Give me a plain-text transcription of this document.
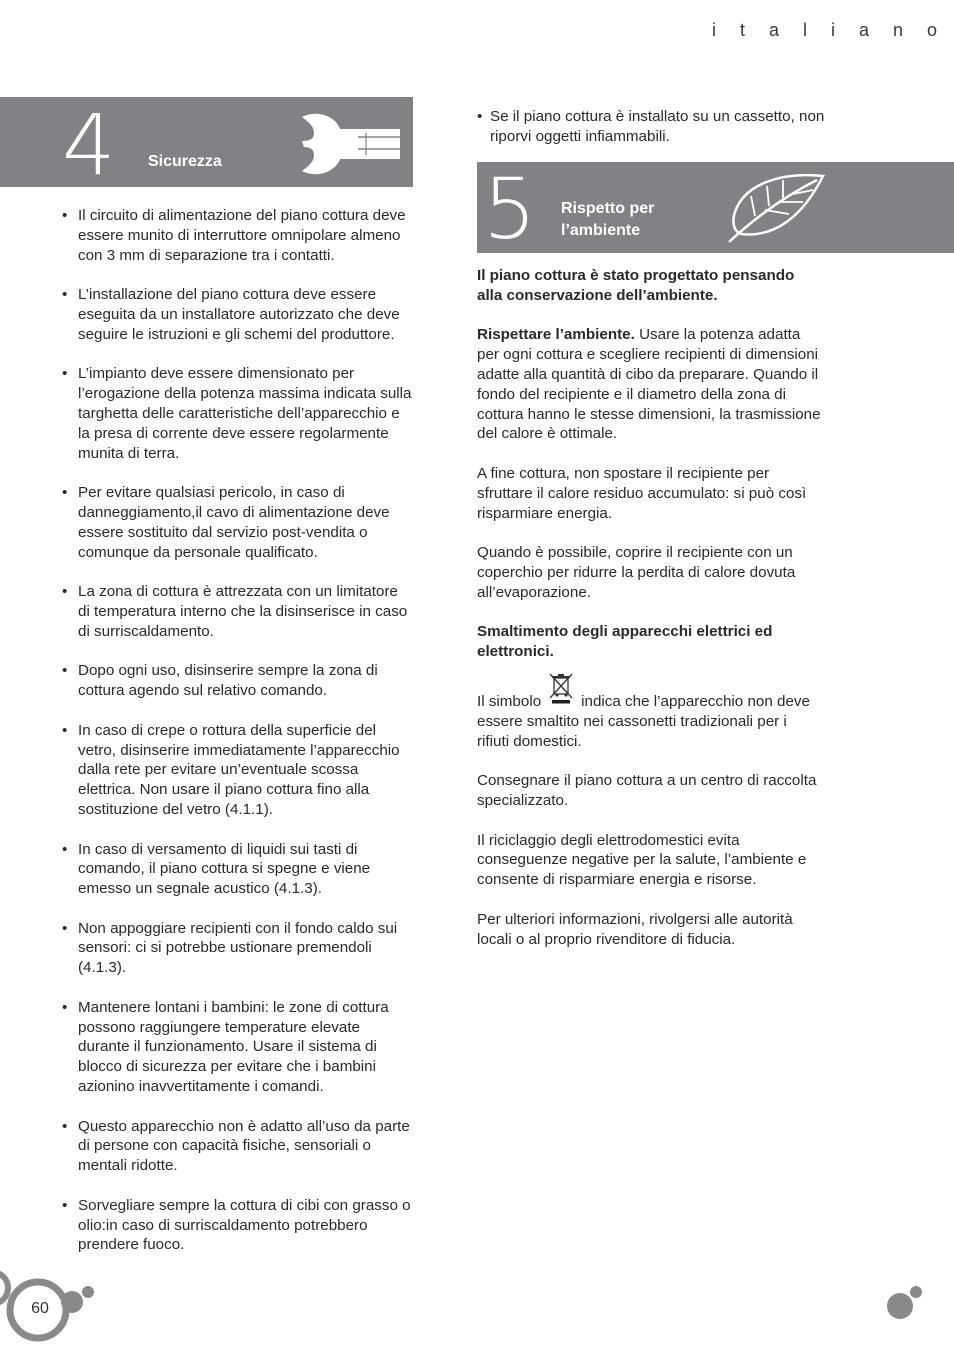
i t a l i a n o
4 Sicurezza
• Il circuito di alimentazione del piano cottura deve essere munito di interruttore omnipolare almeno con 3 mm di separazione tra i contatti.
• L’installazione del piano cottura deve essere eseguita da un installatore autorizzato che deve seguire le istruzioni e gli schemi del produttore.
• L’impianto deve essere dimensionato per l’erogazione della potenza massima indicata sulla targhetta delle caratteristiche dell’apparecchio e la presa di corrente deve essere regolarmente munita di terra.
• Per evitare qualsiasi pericolo, in caso di danneggiamento,il cavo di alimentazione deve essere sostituito dal servizio post-vendita o comunque da personale qualificato.
• La zona di cottura è attrezzata con un limitatore di temperatura interno che la disinserisce in caso di surriscaldamento.
• Dopo ogni uso, disinserire sempre la zona di cottura agendo sul relativo comando.
• In caso di crepe o rottura della superficie del vetro, disinserire immediatamente l’apparecchio dalla rete per evitare un’eventuale scossa elettrica. Non usare il piano cottura fino alla sostituzione del vetro (4.1.1).
• In caso di versamento di liquidi sui tasti di comando, il piano cottura si spegne e viene emesso un segnale acustico (4.1.3).
• Non appoggiare recipienti con il fondo caldo sui sensori: ci si potrebbe ustionare premendoli (4.1.3).
• Mantenere lontani i bambini: le zone di cottura possono raggiungere temperature elevate durante il funzionamento. Usare il sistema di blocco di sicurezza per evitare che i bambini azionino inavvertitamente i comandi.
• Questo apparecchio non è adatto all’uso da parte di persone con capacità fisiche, sensoriali o mentali ridotte.
• Sorvegliare sempre la cottura di cibi con grasso o olio:in caso di surriscaldamento potrebbero prendere fuoco.
• Se il piano cottura è installato su un cassetto, non riporvi oggetti infiammabili.
5 Rispetto per l’ambiente

Il piano cottura è stato progettato pensando alla conservazione dell’ambiente.

Rispettare l’ambiente. Usare la potenza adatta per ogni cottura e scegliere recipienti di dimensioni adatte alla quantità di cibo da preparare. Quando il fondo del recipiente e il diametro della zona di cottura hanno le stesse dimensioni, la trasmissione del calore è ottimale.

A fine cottura, non spostare il recipiente per sfruttare il calore residuo accumulato: si può così risparmiare energia.

Quando è possibile, coprire il recipiente con un coperchio per ridurre la perdita di calore dovuta all’evaporazione.

Smaltimento degli apparecchi elettrici ed elettronici.

Il simbolo	indica che l’apparecchio non deve essere smaltito nei cassonetti tradizionali per i rifiuti domestici.

Consegnare il piano cottura a un centro di raccolta specializzato.

Il riciclaggio degli elettrodomestici evita conseguenze negative per la salute, l’ambiente e consente di risparmiare energia e risorse.

Per ulteriori informazioni, rivolgersi alle autorità locali o al proprio rivenditore di fiducia.

60
